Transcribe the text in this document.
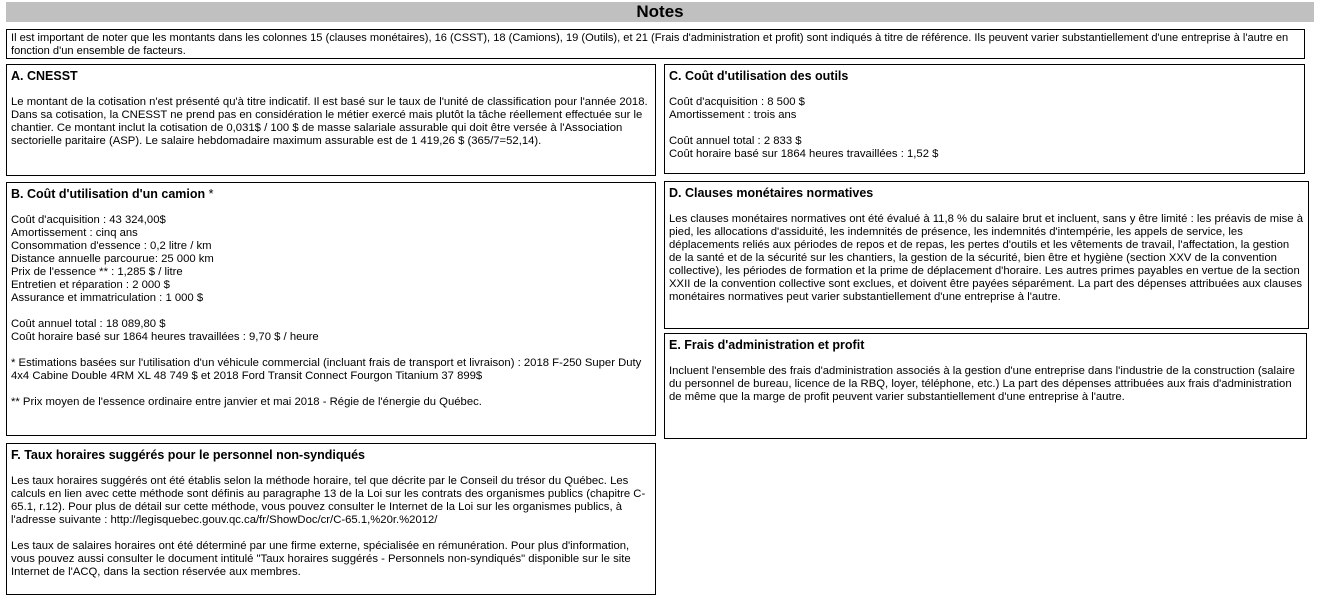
Notes

Il est important de noter que les montants dans les colonnes 15 (clauses monétaires), 16 (CSST), 18 (Camions), 19 (Outils), et 21 (Frais d'administration et profit) sont indiqués à titre de référence. Ils peuvent varier substantiellement d'une entreprise à l'autre en fonction d'un ensemble de facteurs.

A. CNESST

Le montant de la cotisation n'est présenté qu'à titre indicatif. Il est basé sur le taux de l'unité de classification pour l'année 2018. Dans sa cotisation, la CNESST ne prend pas en considération le métier exercé mais plutôt la tâche réellement effectuée sur le chantier. Ce montant inclut la cotisation de 0,031$ / 100 $ de masse salariale assurable qui doit être versée à l'Association sectorielle paritaire (ASP). Le salaire hebdomadaire maximum assurable est de 1 419,26 $ (365/7=52,14).

B. Coût d'utilisation d'un camion *
Coût d'acquisition : 43 324,00$
Amortissement : cinq ans
Consommation d'essence : 0,2 litre / km
Distance annuelle parcourue: 25 000 km
Prix de l'essence ** : 1,285 $ / litre
Entretien et réparation : 2 000 $
Assurance et immatriculation : 1 000 $
Coût annuel total : 18 089,80 $
Coût horaire basé sur 1864 heures travaillées : 9,70 $ / heure

* Estimations basées sur l'utilisation d'un véhicule commercial (incluant frais de transport et livraison) : 2018 F-250 Super Duty 4x4 Cabine Double 4RM XL 48 749 $ et 2018 Ford Transit Connect Fourgon Titanium 37 899$

** Prix moyen de l'essence ordinaire entre janvier et mai 2018 - Régie de l'énergie du Québec.

F. Taux horaires suggérés pour le personnel non-syndiqués

Les taux horaires suggérés ont été établis selon la méthode horaire, tel que décrite par le Conseil du trésor du Québec. Les calculs en lien avec cette méthode sont définis au paragraphe 13 de la Loi sur les contrats des organismes publics (chapitre C-65.1, r.12). Pour plus de détail sur cette méthode, vous pouvez consulter le Internet de la Loi sur les organismes publics, à l'adresse suivante : http://legisquebec.gouv.qc.ca/fr/ShowDoc/cr/C-65.1,%20r.%2012/

Les taux de salaires horaires ont été déterminé par une firme externe, spécialisée en rémunération. Pour plus d'information, vous pouvez aussi consulter le document intitulé "Taux horaires suggérés - Personnels non-syndiqués" disponible sur le site Internet de l'ACQ, dans la section réservée aux membres.

C. Coût d'utilisation des outils
Coût d'acquisition : 8 500 $
Amortissement : trois ans
Coût annuel total : 2 833 $
Coût horaire basé sur 1864 heures travaillées : 1,52 $
D. Clauses monétaires normatives

Les clauses monétaires normatives ont été évalué à 11,8 % du salaire brut et incluent, sans y être limité : les préavis de mise à pied, les allocations d'assiduité, les indemnités de présence, les indemnités d'intempérie, les appels de service, les déplacements reliés aux périodes de repos et de repas, les pertes d'outils et les vêtements de travail, l'affectation, la gestion de la santé et de la sécurité sur les chantiers, la gestion de la sécurité, bien être et hygiène (section XXV de la convention collective), les périodes de formation et la prime de déplacement d'horaire. Les autres primes payables en vertue de la section XXII de la convention collective sont exclues, et doivent être payées séparément. La part des dépenses attribuées aux clauses monétaires normatives peut varier substantiellement d'une entreprise à l'autre.

E. Frais d'administration et profit

Incluent l'ensemble des frais d'administration associés à la gestion d'une entreprise dans l'industrie de la construction (salaire du personnel de bureau, licence de la RBQ, loyer, téléphone, etc.) La part des dépenses attribuées aux frais d'administration de même que la marge de profit peuvent varier substantiellement d'une entreprise à l'autre.
